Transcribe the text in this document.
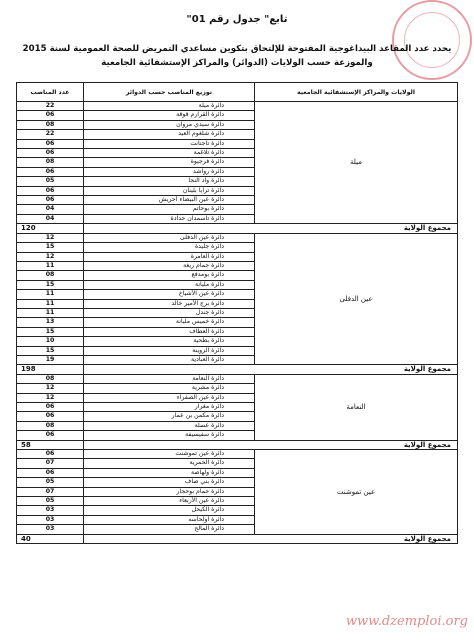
"تابع" جدول رقم 01
يحدد عدد المقاعد البيداغوجية المفتوحة للإلتحاق بتكوين مساعدي التمريض للصحة العمومية لسنة 2015
والموزعة حسب الولايات (الدوائر) والمراكز الإستشفائية الجامعية
عدد المناصب	توزيع المناصب حسب الدوائر	الولايات والمراكز الإستشفائية الجامعية
22	دائرة ميلة	ميلة
06	دائرة القرارم قوقة	
08	دائرة سيدي مروان	
22	دائرة شلغوم العيد	
06	دائرة تاجنانت	
06	دائرة تلاغمة	
08	دائرة فرجيوة	
06	دائرة رواشد	
05	دائرة واد النجا	
06	دائرة ترايا بلينان	
06	دائرة عين البيضاء أحريش	
04	دائرة بوحاتم	
04	دائرة تاسمدان حدادة	
120	مجموع الولاية	
12	دائرة عين الدفلى	عين الدفلى
15	دائرة جليدة	
12	دائرة العامرة	
11	دائرة حمام ريغة	
08	دائرة بومدفع	
15	دائرة مليانة	
11	دائرة عين الأشياخ	
11	دائرة برج الأمير خالد	
11	دائرة جندل	
13	دائرة خميس مليانة	
15	دائرة العطاف	
10	دائرة بطحية	
15	دائرة الروينة	
19	دائرة العبادية	
198	مجموع الولاية	
08	دائرة النعامة	النعامة
12	دائرة مشرية	
12	دائرة عين الصفراء	
06	دائرة مغرار	
06	دائرة مكمن بن عمار	
08	دائرة عسلة	
06	دائرة سفيسيفة	
58	مجموع الولاية	
06	دائرة عين تموشنت	عين تموشنت
07	دائرة الحمرية	
06	دائرة ولهاصة	
05	دائرة بني صاف	
07	دائرة حمام بوحجار	
05	دائرة عين الأربعاء	
03	دائرة الكيحل	
03	دائرة أولحاسه	
03	دائرة المالح	
40	مجموع الولاية	
www.dzemploi.org
